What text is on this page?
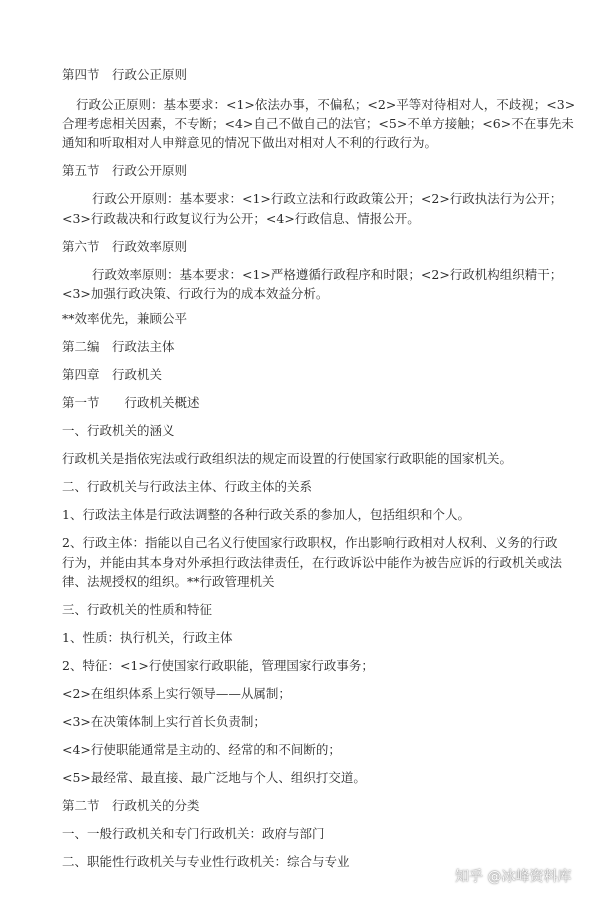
第四节　行政公正原则
行政公正原则：基本要求：<1>依法办事，不偏私；<2>平等对待相对人，不歧视；<3>
合理考虑相关因素，不专断；<4>自己不做自己的法官；<5>不单方接触；<6>不在事先未
通知和听取相对人申辩意见的情况下做出对相对人不利的行政行为。
第五节　行政公开原则
行政公开原则：基本要求：<1>行政立法和行政政策公开；<2>行政执法行为公开；
<3>行政裁决和行政复议行为公开；<4>行政信息、情报公开。
第六节　行政效率原则
行政效率原则：基本要求：<1>严格遵循行政程序和时限；<2>行政机构组织精干；
<3>加强行政决策、行政行为的成本效益分析。
**效率优先，兼顾公平
第二编　行政法主体
第四章　行政机关
第一节　　行政机关概述
一、行政机关的涵义
行政机关是指依宪法或行政组织法的规定而设置的行使国家行政职能的国家机关。
二、行政机关与行政法主体、行政主体的关系
1、行政法主体是行政法调整的各种行政关系的参加人，包括组织和个人。
2、行政主体：指能以自己名义行使国家行政职权，作出影响行政相对人权利、义务的行政
行为，并能由其本身对外承担行政法律责任，在行政诉讼中能作为被告应诉的行政机关或法
律、法规授权的组织。**行政管理机关
三、行政机关的性质和特征
1、性质：执行机关，行政主体
2、特征：<1>行使国家行政职能，管理国家行政事务；
<2>在组织体系上实行领导——从属制；
<3>在决策体制上实行首长负责制；
<4>行使职能通常是主动的、经常的和不间断的；
<5>最经常、最直接、最广泛地与个人、组织打交道。
第二节　行政机关的分类
一、一般行政机关和专门行政机关：政府与部门
二、职能性行政机关与专业性行政机关：综合与专业
知乎 @冰峰资料库
